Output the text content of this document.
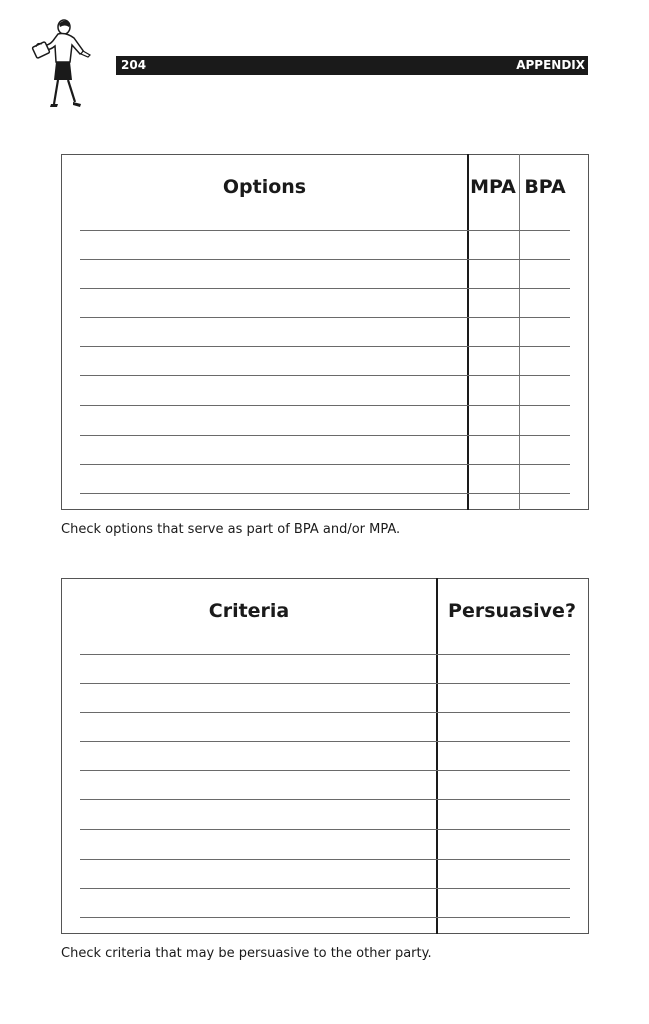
204	APPENDIX
Options	MPA BPA
Check options that serve as part of BPA and/or MPA.
Criteria	Persuasive?
Check criteria that may be persuasive to the other party.
